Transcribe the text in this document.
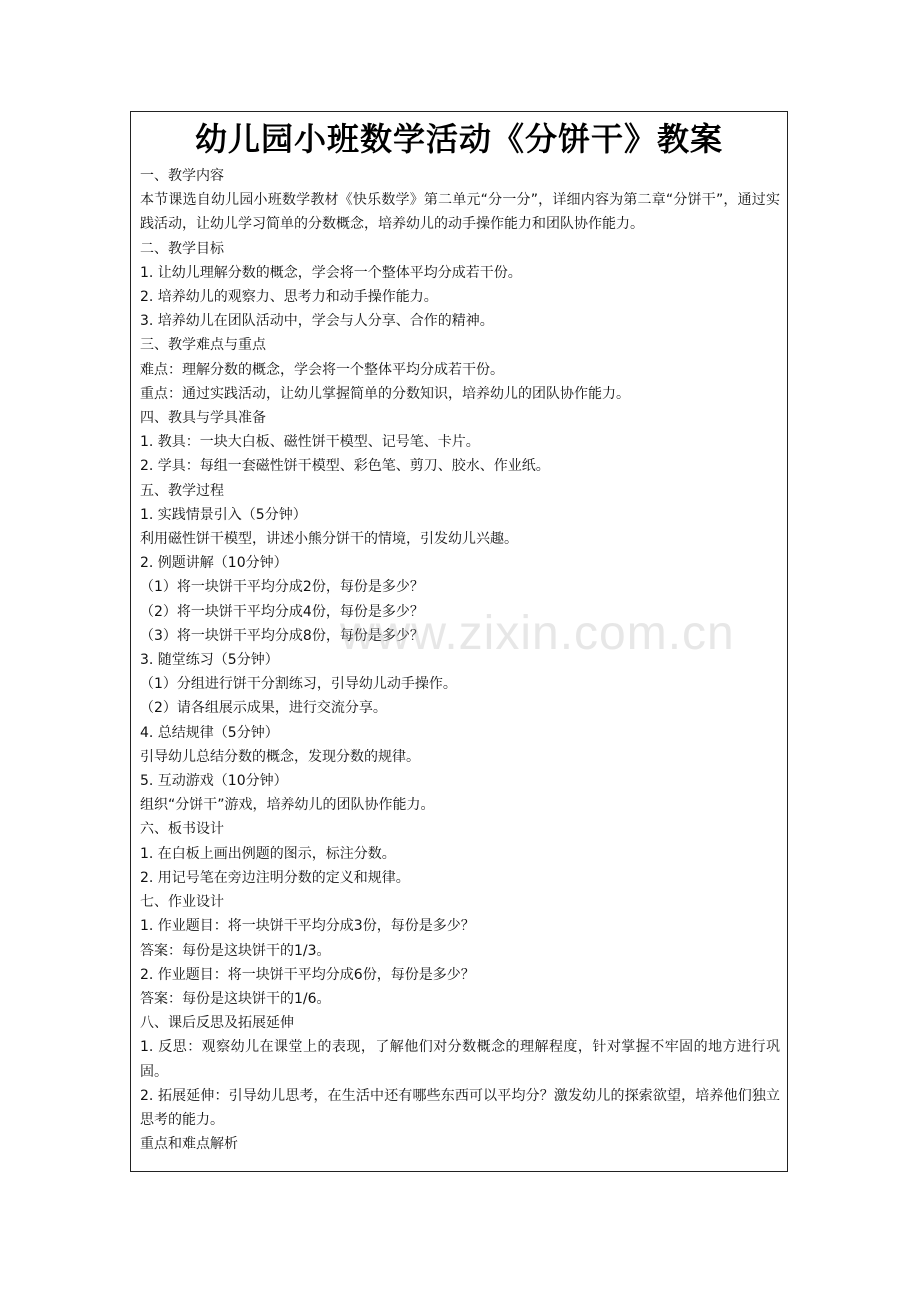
幼儿园小班数学活动《分饼干》教案
一、教学内容
本节课选自幼儿园小班数学教材《快乐数学》第二单元“分一分”，详细内容为第二章“分饼干”，通过实践活动，让幼儿学习简单的分数概念，培养幼儿的动手操作能力和团队协作能力。
二、教学目标
1. 让幼儿理解分数的概念，学会将一个整体平均分成若干份。
2. 培养幼儿的观察力、思考力和动手操作能力。
3. 培养幼儿在团队活动中，学会与人分享、合作的精神。
三、教学难点与重点
难点：理解分数的概念，学会将一个整体平均分成若干份。
重点：通过实践活动，让幼儿掌握简单的分数知识，培养幼儿的团队协作能力。
四、教具与学具准备
1. 教具：一块大白板、磁性饼干模型、记号笔、卡片。
2. 学具：每组一套磁性饼干模型、彩色笔、剪刀、胶水、作业纸。
五、教学过程
1. 实践情景引入（5分钟）
利用磁性饼干模型，讲述小熊分饼干的情境，引发幼儿兴趣。
2. 例题讲解（10分钟）
（1）将一块饼干平均分成2份，每份是多少？
（2）将一块饼干平均分成4份，每份是多少？
（3）将一块饼干平均分成8份，每份是多少？
3. 随堂练习（5分钟）
（1）分组进行饼干分割练习，引导幼儿动手操作。
（2）请各组展示成果，进行交流分享。
4. 总结规律（5分钟）
引导幼儿总结分数的概念，发现分数的规律。
5. 互动游戏（10分钟）
组织“分饼干”游戏，培养幼儿的团队协作能力。
六、板书设计
1. 在白板上画出例题的图示，标注分数。
2. 用记号笔在旁边注明分数的定义和规律。
七、作业设计
1. 作业题目：将一块饼干平均分成3份，每份是多少？
答案：每份是这块饼干的1/3。
2. 作业题目：将一块饼干平均分成6份，每份是多少？
答案：每份是这块饼干的1/6。
八、课后反思及拓展延伸
1. 反思：观察幼儿在课堂上的表现，了解他们对分数概念的理解程度，针对掌握不牢固的地方进行巩固。
2. 拓展延伸：引导幼儿思考，在生活中还有哪些东西可以平均分？激发幼儿的探索欲望，培养他们独立思考的能力。
重点和难点解析
www.zixin.com.cn
